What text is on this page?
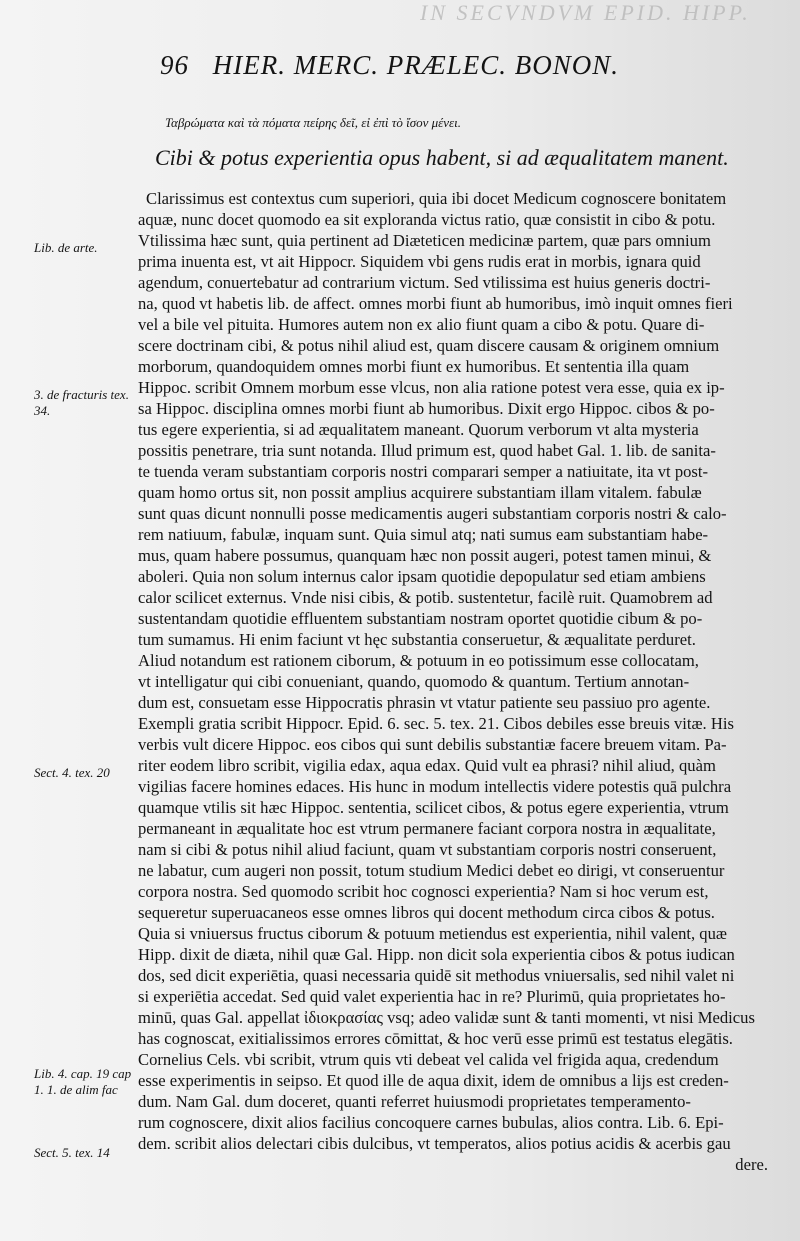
IN SECVNDVM EPID. HIPP.
96 HIER. MERC. PRÆLEC. BONON.
Ταβρώματα καὶ τὰ πόματα πείρης δεῖ, εἰ ἐπὶ τὸ ἴσον μένει.
Cibi & potus experientia opus habent, si ad æqualitatem manent.
Lib. de arte.
3. de fracturis tex. 34.
Sect. 4. tex. 20
Lib. 4. cap. 19 cap 1. 1. de alim fac
Sect. 5. tex. 14
Clarissimus est contextus cum superiori, quia ibi docet Medicum cognoscere bonitatem
aquæ, nunc docet quomodo ea sit exploranda victus ratio, quæ consistit in cibo & potu.
Vtilissima hæc sunt, quia pertinent ad Diæteticen medicinæ partem, quæ pars omnium
prima inuenta est, vt ait Hippocr. Siquidem vbi gens rudis erat in morbis, ignara quid
agendum, conuertebatur ad contrarium victum. Sed vtilissima est huius generis doctri-
na, quod vt habetis lib. de affect. omnes morbi fiunt ab humoribus, imò inquit omnes fieri
vel a bile vel pituita. Humores autem non ex alio fiunt quam a cibo & potu. Quare di-
scere doctrinam cibi, & potus nihil aliud est, quam discere causam & originem omnium
morborum, quandoquidem omnes morbi fiunt ex humoribus. Et sententia illa quam
Hippoc. scribit Omnem morbum esse vlcus, non alia ratione potest vera esse, quia ex ip-
sa Hippoc. disciplina omnes morbi fiunt ab humoribus. Dixit ergo Hippoc. cibos & po-
tus egere experientia, si ad æqualitatem maneant. Quorum verborum vt alta mysteria
possitis penetrare, tria sunt notanda. Illud primum est, quod habet Gal. 1. lib. de sanita-
te tuenda veram substantiam corporis nostri comparari semper a natiuitate, ita vt post-
quam homo ortus sit, non possit amplius acquirere substantiam illam vitalem. fabulæ
sunt quas dicunt nonnulli posse medicamentis augeri substantiam corporis nostri & calo-
rem natiuum, fabulæ, inquam sunt. Quia simul atq; nati sumus eam substantiam habe-
mus, quam habere possumus, quanquam hæc non possit augeri, potest tamen minui, &
aboleri. Quia non solum internus calor ipsam quotidie depopulatur sed etiam ambiens
calor scilicet externus. Vnde nisi cibis, & potib. sustentetur, facilè ruit. Quamobrem ad
sustentandam quotidie effluentem substantiam nostram oportet quotidie cibum & po-
tum sumamus. Hi enim faciunt vt hęc substantia conseruetur, & æqualitate perduret.
Aliud notandum est rationem ciborum, & potuum in eo potissimum esse collocatam,
vt intelligatur qui cibi conueniant, quando, quomodo & quantum. Tertium annotan-
dum est, consuetam esse Hippocratis phrasin vt vtatur patiente seu passiuo pro agente.
Exempli gratia scribit Hippocr. Epid. 6. sec. 5. tex. 21. Cibos debiles esse breuis vitæ. His
verbis vult dicere Hippoc. eos cibos qui sunt debilis substantiæ facere breuem vitam. Pa-
riter eodem libro scribit, vigilia edax, aqua edax. Quid vult ea phrasi? nihil aliud, quàm
vigilias facere homines edaces. His hunc in modum intellectis videre potestis quā pulchra
quamque vtilis sit hæc Hippoc. sententia, scilicet cibos, & potus egere experientia, vtrum
permaneant in æqualitate hoc est vtrum permanere faciant corpora nostra in æqualitate,
nam si cibi & potus nihil aliud faciunt, quam vt substantiam corporis nostri conseruent,
ne labatur, cum augeri non possit, totum studium Medici debet eo dirigi, vt conseruentur
corpora nostra. Sed quomodo scribit hoc cognosci experientia? Nam si hoc verum est,
sequeretur superuacaneos esse omnes libros qui docent methodum circa cibos & potus.
Quia si vniuersus fructus ciborum & potuum metiendus est experientia, nihil valent, quæ
Hipp. dixit de diæta, nihil quæ Gal. Hipp. non dicit sola experientia cibos & potus iudican
dos, sed dicit experiētia, quasi necessaria quidē sit methodus vniuersalis, sed nihil valet ni
si experiētia accedat. Sed quid valet experientia hac in re? Plurimū, quia proprietates ho-
minū, quas Gal. appellat ἰδιοκρασίας vsq; adeo validæ sunt & tanti momenti, vt nisi Medicus
has cognoscat, exitialissimos errores cōmittat, & hoc verū esse primū est testatus elegātis.
Cornelius Cels. vbi scribit, vtrum quis vti debeat vel calida vel frigida aqua, credendum
esse experimentis in seipso. Et quod ille de aqua dixit, idem de omnibus a lijs est creden-
dum. Nam Gal. dum doceret, quanti referret huiusmodi proprietates temperamento-
rum cognoscere, dixit alios facilius concoquere carnes bubulas, alios contra. Lib. 6. Epi-
dem. scribit alios delectari cibis dulcibus, vt temperatos, alios potius acidis & acerbis gau
dere.
